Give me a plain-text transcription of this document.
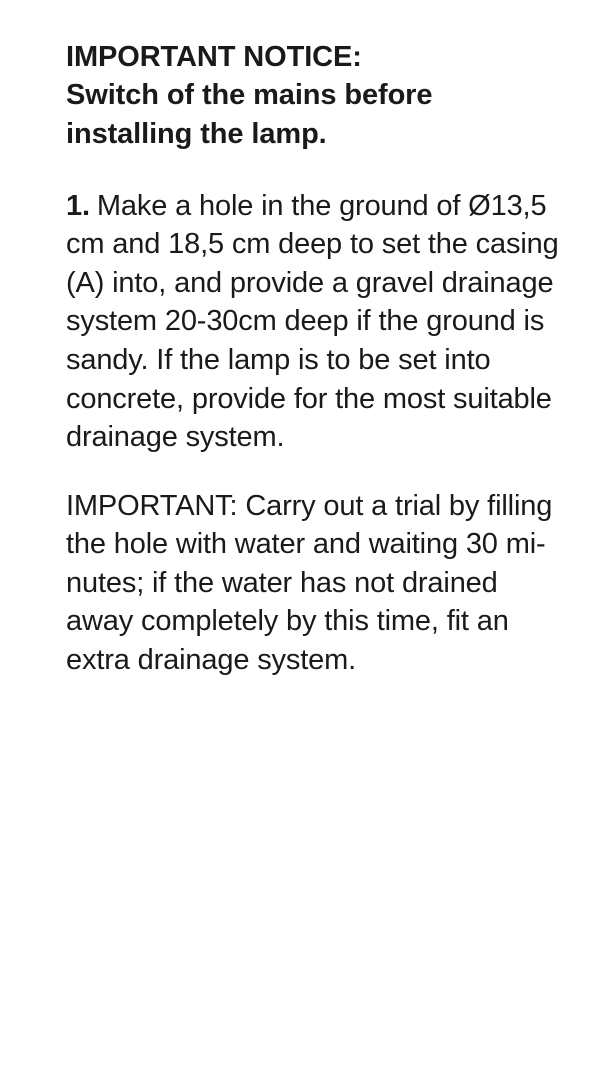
IMPORTANT NOTICE:
Switch of the mains before
installing the lamp.

1. Make a hole in the ground of Ø13,5 cm and 18,5 cm deep to set the casing (A) into, and provide a gravel drainage system 20-30cm deep if the ground is sandy. If the lamp is to be set into concrete, provide for the most suitable drainage system.

IMPORTANT: Carry out a trial by filling the hole with water and waiting 30 mi-nutes; if the water has not drained away completely by this time, fit an extra drainage system.
